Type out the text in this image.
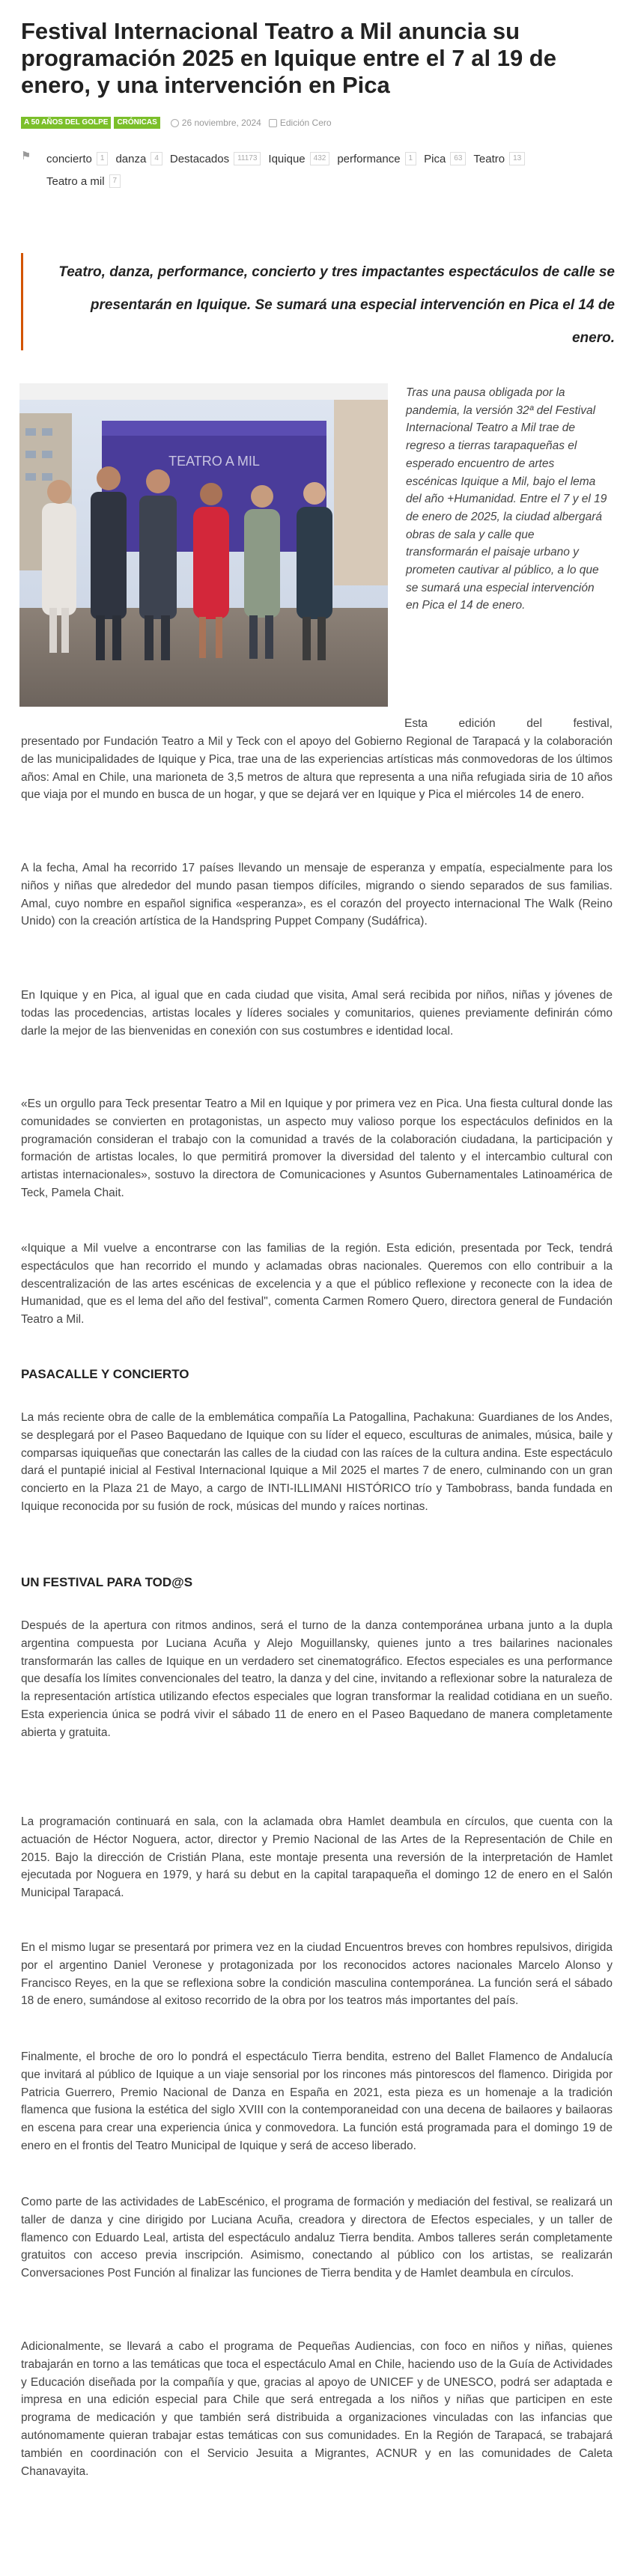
Festival Internacional Teatro a Mil anuncia su programación 2025 en Iquique entre el 7 al 19 de enero, y una intervención en Pica
A 50 AÑOS DEL GOLPE	CRÓNICAS	26 noviembre, 2024 Edición Cero
⚑ concierto	1	danza	4	Destacados	11173	Iquique	432	performance	1	Pica	63	Teatro	13
Teatro a mil	7

Teatro, danza, performance, concierto y tres impactantes espectáculos de calle se presentarán en Iquique. Se sumará una especial intervención en Pica el 14 de enero.

TEATRO A MIL

Tras una pausa obligada por la pandemia, la versión 32ª del Festival Internacional Teatro a Mil trae de regreso a tierras tarapaqueñas el esperado encuentro de artes escénicas Iquique a Mil, bajo el lema del año +Humanidad. Entre el 7 y el 19 de enero de 2025, la ciudad albergará obras de sala y calle que transformarán el paisaje urbano y prometen cautivar al público, a lo que se sumará una especial intervención en Pica el 14 de enero.

Esta edición del festival,

presentado por Fundación Teatro a Mil y Teck con el apoyo del Gobierno Regional de Tarapacá y la colaboración de las municipalidades de Iquique y Pica, trae una de las experiencias artísticas más conmovedoras de los últimos años: Amal en Chile, una marioneta de 3,5 metros de altura que representa a una niña refugiada siria de 10 años que viaja por el mundo en busca de un hogar, y que se dejará ver en Iquique y Pica el miércoles 14 de enero.

A la fecha, Amal ha recorrido 17 países llevando un mensaje de esperanza y empatía, especialmente para los niños y niñas que alrededor del mundo pasan tiempos difíciles, migrando o siendo separados de sus familias. Amal, cuyo nombre en español significa «esperanza», es el corazón del proyecto internacional The Walk (Reino Unido) con la creación artística de la Handspring Puppet Company (Sudáfrica).

En Iquique y en Pica, al igual que en cada ciudad que visita, Amal será recibida por niños, niñas y jóvenes de todas las procedencias, artistas locales y líderes sociales y comunitarios, quienes previamente definirán cómo darle la mejor de las bienvenidas en conexión con sus costumbres e identidad local.

«Es un orgullo para Teck presentar Teatro a Mil en Iquique y por primera vez en Pica. Una fiesta cultural donde las comunidades se convierten en protagonistas, un aspecto muy valioso porque los espectáculos definidos en la programación consideran el trabajo con la comunidad a través de la colaboración ciudadana, la participación y formación de artistas locales, lo que permitirá promover la diversidad del talento y el intercambio cultural con artistas internacionales», sostuvo la directora de Comunicaciones y Asuntos Gubernamentales Latinoamérica de Teck, Pamela Chait.

«Iquique a Mil vuelve a encontrarse con las familias de la región. Esta edición, presentada por Teck, tendrá espectáculos que han recorrido el mundo y aclamadas obras nacionales. Queremos con ello contribuir a la descentralización de las artes escénicas de excelencia y a que el público reflexione y reconecte con la idea de Humanidad, que es el lema del año del festival", comenta Carmen Romero Quero, directora general de Fundación Teatro a Mil.

PASACALLE Y CONCIERTO

La más reciente obra de calle de la emblemática compañía La Patogallina, Pachakuna: Guardianes de los Andes, se desplegará por el Paseo Baquedano de Iquique con su líder el equeco, esculturas de animales, música, baile y comparsas iquiqueñas que conectarán las calles de la ciudad con las raíces de la cultura andina. Este espectáculo dará el puntapié inicial al Festival Internacional Iquique a Mil 2025 el martes 7 de enero, culminando con un gran concierto en la Plaza 21 de Mayo, a cargo de INTI-ILLIMANI HISTÓRICO trío y Tambobrass, banda fundada en Iquique reconocida por su fusión de rock, músicas del mundo y raíces nortinas.

UN FESTIVAL PARA TOD@S

Después de la apertura con ritmos andinos, será el turno de la danza contemporánea urbana junto a la dupla argentina compuesta por Luciana Acuña y Alejo Moguillansky, quienes junto a tres bailarines nacionales transformarán las calles de Iquique en un verdadero set cinematográfico. Efectos especiales es una performance que desafía los límites convencionales del teatro, la danza y del cine, invitando a reflexionar sobre la naturaleza de la representación artística utilizando efectos especiales que logran transformar la realidad cotidiana en un sueño. Esta experiencia única se podrá vivir el sábado 11 de enero en el Paseo Baquedano de manera completamente abierta y gratuita.

La programación continuará en sala, con la aclamada obra Hamlet deambula en círculos, que cuenta con la actuación de Héctor Noguera, actor, director y Premio Nacional de las Artes de la Representación de Chile en 2015. Bajo la dirección de Cristián Plana, este montaje presenta una reversión de la interpretación de Hamlet ejecutada por Noguera en 1979, y hará su debut en la capital tarapaqueña el domingo 12 de enero en el Salón Municipal Tarapacá.

En el mismo lugar se presentará por primera vez en la ciudad Encuentros breves con hombres repulsivos, dirigida por el argentino Daniel Veronese y protagonizada por los reconocidos actores nacionales Marcelo Alonso y Francisco Reyes, en la que se reflexiona sobre la condición masculina contemporánea. La función será el sábado 18 de enero, sumándose al exitoso recorrido de la obra por los teatros más importantes del país.

Finalmente, el broche de oro lo pondrá el espectáculo Tierra bendita, estreno del Ballet Flamenco de Andalucía que invitará al público de Iquique a un viaje sensorial por los rincones más pintorescos del flamenco. Dirigida por Patricia Guerrero, Premio Nacional de Danza en España en 2021, esta pieza es un homenaje a la tradición flamenca que fusiona la estética del siglo XVIII con la contemporaneidad con una decena de bailaores y bailaoras en escena para crear una experiencia única y conmovedora. La función está programada para el domingo 19 de enero en el frontis del Teatro Municipal de Iquique y será de acceso liberado.

Como parte de las actividades de LabEscénico, el programa de formación y mediación del festival, se realizará un taller de danza y cine dirigido por Luciana Acuña, creadora y directora de Efectos especiales, y un taller de flamenco con Eduardo Leal, artista del espectáculo andaluz Tierra bendita. Ambos talleres serán completamente gratuitos con acceso previa inscripción. Asimismo, conectando al público con los artistas, se realizarán Conversaciones Post Función al finalizar las funciones de Tierra bendita y de Hamlet deambula en círculos.

Adicionalmente, se llevará a cabo el programa de Pequeñas Audiencias, con foco en niños y niñas, quienes trabajarán en torno a las temáticas que toca el espectáculo Amal en Chile, haciendo uso de la Guía de Actividades y Educación diseñada por la compañía y que, gracias al apoyo de UNICEF y de UNESCO, podrá ser adaptada e impresa en una edición especial para Chile que será entregada a los niños y niñas que participen en este programa de medicación y que también será distribuida a organizaciones vinculadas con las infancias que autónomamente quieran trabajar estas temáticas con sus comunidades. En la Región de Tarapacá, se trabajará también en coordinación con el Servicio Jesuita a Migrantes, ACNUR y en las comunidades de Caleta Chanavayita.
